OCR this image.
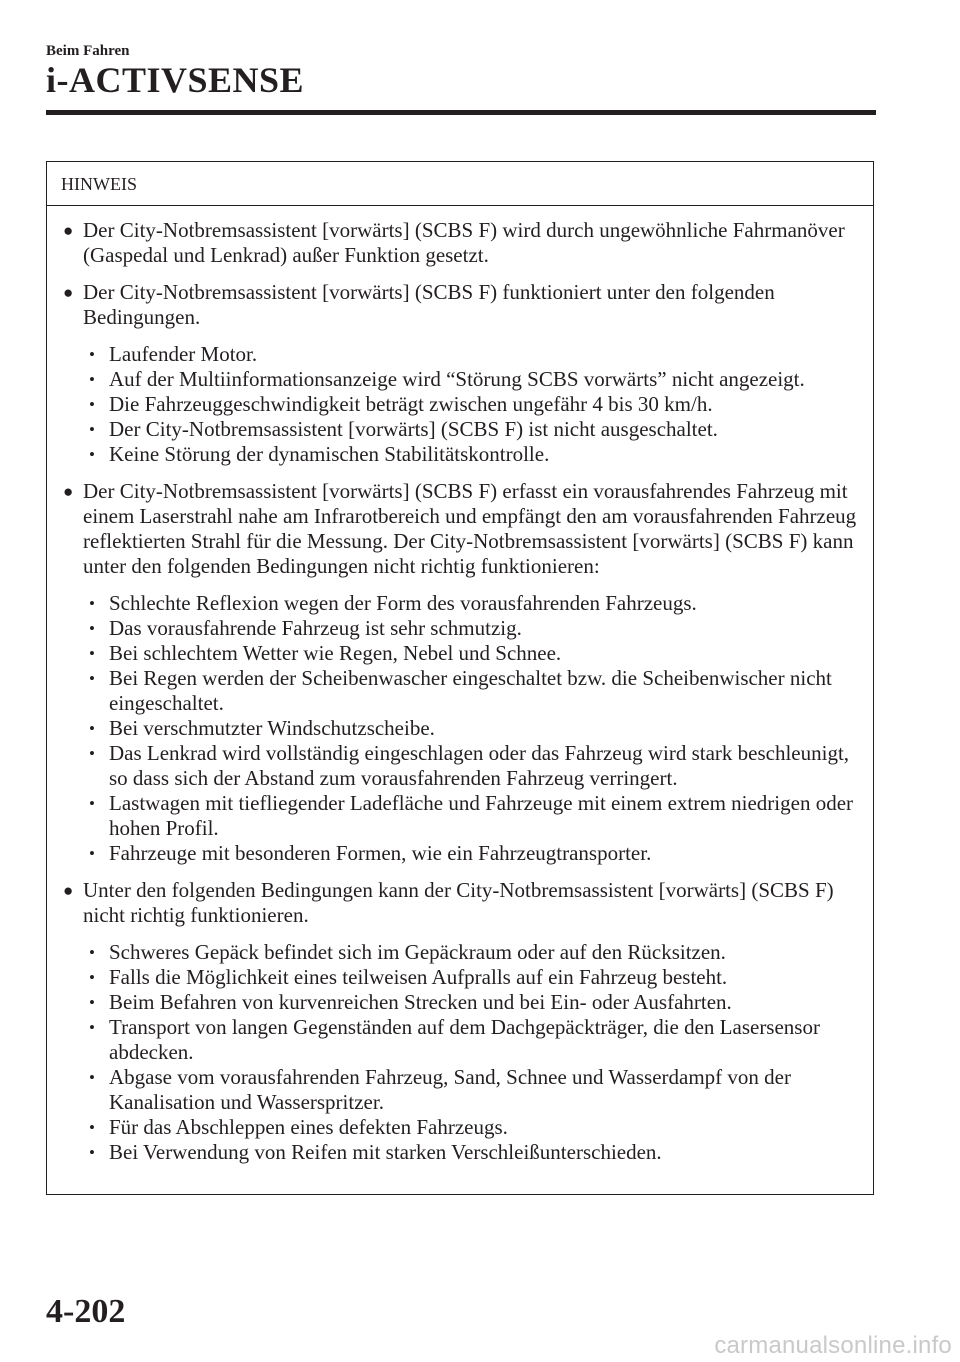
Beim Fahren
i-ACTIVSENSE
HINWEIS
● Der City-Notbremsassistent [vorwärts] (SCBS F) wird durch ungewöhnliche Fahrmanöver (Gaspedal und Lenkrad) außer Funktion gesetzt.
● Der City-Notbremsassistent [vorwärts] (SCBS F) funktioniert unter den folgenden Bedingungen.
• Laufender Motor.
• Auf der Multiinformationsanzeige wird “Störung SCBS vorwärts” nicht angezeigt.
• Die Fahrzeuggeschwindigkeit beträgt zwischen ungefähr 4 bis 30 km/h.
• Der City-Notbremsassistent [vorwärts] (SCBS F) ist nicht ausgeschaltet.
• Keine Störung der dynamischen Stabilitätskontrolle.
● Der City-Notbremsassistent [vorwärts] (SCBS F) erfasst ein vorausfahrendes Fahrzeug mit einem Laserstrahl nahe am Infrarotbereich und empfängt den am vorausfahrenden Fahrzeug reflektierten Strahl für die Messung. Der City-Notbremsassistent [vorwärts] (SCBS F) kann unter den folgenden Bedingungen nicht richtig funktionieren:
• Schlechte Reflexion wegen der Form des vorausfahrenden Fahrzeugs.
• Das vorausfahrende Fahrzeug ist sehr schmutzig.
• Bei schlechtem Wetter wie Regen, Nebel und Schnee.
• Bei Regen werden der Scheibenwascher eingeschaltet bzw. die Scheibenwischer nicht eingeschaltet.
• Bei verschmutzter Windschutzscheibe.
• Das Lenkrad wird vollständig eingeschlagen oder das Fahrzeug wird stark beschleunigt, so dass sich der Abstand zum vorausfahrenden Fahrzeug verringert.
• Lastwagen mit tiefliegender Ladefläche und Fahrzeuge mit einem extrem niedrigen oder hohen Profil.
• Fahrzeuge mit besonderen Formen, wie ein Fahrzeugtransporter.
● Unter den folgenden Bedingungen kann der City-Notbremsassistent [vorwärts] (SCBS F) nicht richtig funktionieren.
• Schweres Gepäck befindet sich im Gepäckraum oder auf den Rücksitzen.
• Falls die Möglichkeit eines teilweisen Aufpralls auf ein Fahrzeug besteht.
• Beim Befahren von kurvenreichen Strecken und bei Ein- oder Ausfahrten.
• Transport von langen Gegenständen auf dem Dachgepäckträger, die den Lasersensor abdecken.
• Abgase vom vorausfahrenden Fahrzeug, Sand, Schnee und Wasserdampf von der Kanalisation und Wasserspritzer.
• Für das Abschleppen eines defekten Fahrzeugs.
• Bei Verwendung von Reifen mit starken Verschleißunterschieden.
4-202
carmanualsonline.info
